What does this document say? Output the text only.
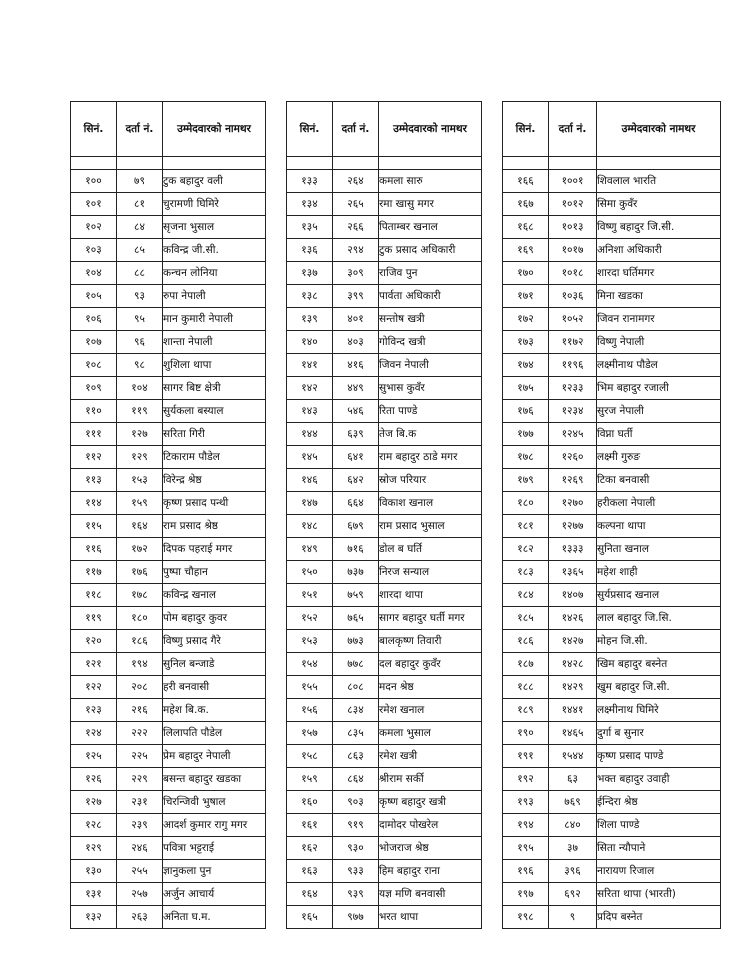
सिनं.	दर्ता नं.	उम्मेदवारको नामथर

१००	७९	टुक बहादुर वली
१०१	८१	चुरामणी घिमिरे
१०२	८४	सृजना भुसाल
१०३	८५	कविन्द्र जी.सी.
१०४	८८	कन्चन लोनिया
१०५	९३	रुपा नेपाली
१०६	९५	मान कुमारी नेपाली
१०७	९६	शान्ता नेपाली
१०८	९८	शुशिला थापा
१०९	१०४	सागर बिष्ट क्षेत्री
११०	११९	सुर्यकला बस्याल
१११	१२७	सरिता गिरी
११२	१२९	टिकाराम पौडेल
११३	१५३	विरेन्द्र श्रेष्ठ
११४	१५९	कृष्ण प्रसाद पन्थी
११५	१६४	राम प्रसाद श्रेष्ठ
११६	१७२	दिपक पहराई मगर
११७	१७६	पुष्पा चौहान
११८	१७८	कविन्द्र खनाल
११९	१८०	पोम बहादुर कुवर
१२०	१८६	विष्णु प्रसाद गैरे
१२१	१९४	सुनिल बन्जाडे
१२२	२०८	हरी बनवासी
१२३	२१६	महेश बि.क.
१२४	२२२	लिलापति पौडेल
१२५	२२५	प्रेम बहादुर नेपाली
१२६	२२९	बसन्त बहादुर खडका
१२७	२३१	चिरन्जिवी भुषाल
१२८	२३९	आदर्श कुमार रागु मगर
१२९	२४६	पवित्रा भट्टराई
१३०	२५५	ज्ञानुकला पुन
१३१	२५७	अर्जुन आचार्य
१३२	२६३	अनिता घ.म.
सिनं.	दर्ता नं.	उम्मेदवारको नामथर

१३३	२६४	कमला सारु
१३४	२६५	रमा खासु मगर
१३५	२६६	पिताम्बर खनाल
१३६	२९४	टुक प्रसाद अधिकारी
१३७	३०९	राजिव पुन
१३८	३९९	पार्वता अधिकारी
१३९	४०१	सन्तोष खत्री
१४०	४०३	गोविन्द खत्री
१४१	४१६	जिवन नेपाली
१४२	४४९	सुभास कुवँर
१४३	५४६	रिता पाण्डे
१४४	६३९	तेज बि.क
१४५	६४१	राम बहादुर ठाडे मगर
१४६	६४२	स्रोज परियार
१४७	६६४	विकाश खनाल
१४८	६७९	राम प्रसाद भुसाल
१४९	७१६	डोल ब घर्ति
१५०	७३७	निरज सन्याल
१५१	७५९	शारदा थापा
१५२	७६५	सागर बहादुर घर्ती मगर
१५३	७७३	बालकृष्ण तिवारी
१५४	७७८	दल बहादुर कुवँर
१५५	८०८	मदन श्रेष्ठ
१५६	८३४	रमेश खनाल
१५७	८३५	कमला भुसाल
१५८	८६३	रमेश खत्री
१५९	८६४	श्रीराम सर्की
१६०	९०३	कृष्ण बहादुर खत्री
१६१	९१९	दामोदर पोखरेल
१६२	९३०	भोजराज श्रेष्ठ
१६३	९३३	हिम बहादुर राना
१६४	९३९	यज्ञ मणि बनवासी
१६५	९७७	भरत थापा
सिनं.	दर्ता नं.	उम्मेदवारको नामथर

१६६	१००१	शिवलाल भारति
१६७	१०१२	सिमा कुवँर
१६८	१०१३	विष्णु बहादुर जि.सी.
१६९	१०१७	अनिशा अधिकारी
१७०	१०१८	शारदा घर्तिमगर
१७१	१०३६	मिना खडका
१७२	१०५२	जिवन रानामगर
१७३	११७२	विष्णु नेपाली
१७४	११९६	लक्ष्मीनाथ पौडेल
१७५	१२३३	भिम बहादुर रजाली
१७६	१२३४	सुरज नेपाली
१७७	१२४५	विप्ना घर्ती
१७८	१२६०	लक्ष्मी गुरुङ
१७९	१२६९	टिका बनवासी
१८०	१२७०	हरीकला नेपाली
१८१	१२७७	कल्पना थापा
१८२	१३३३	सुनिता खनाल
१८३	१३६५	महेश शाही
१८४	१४०७	सुर्यप्रसाद खनाल
१८५	१४२६	लाल बहादुर जि.सि.
१८६	१४२७	मोहन जि.सी.
१८७	१४२८	खिम बहादुर बस्नेत
१८८	१४२९	खुम बहादुर जि.सी.
१८९	१४४१	लक्ष्मीनाथ घिमिरे
१९०	१४६५	दुर्गा ब सुनार
१९१	१५४४	कृष्ण प्रसाद पाण्डे
१९२	६३	भक्त बहादुर उवाही
१९३	७६९	ईन्दिरा श्रेष्ठ
१९४	८४०	शिला पाण्डे
१९५	३७	सिता न्यौपाने
१९६	३९६	नारायण रिजाल
१९७	६९२	सरिता थापा (भारती)
१९८	९	प्रदिप बस्नेत
